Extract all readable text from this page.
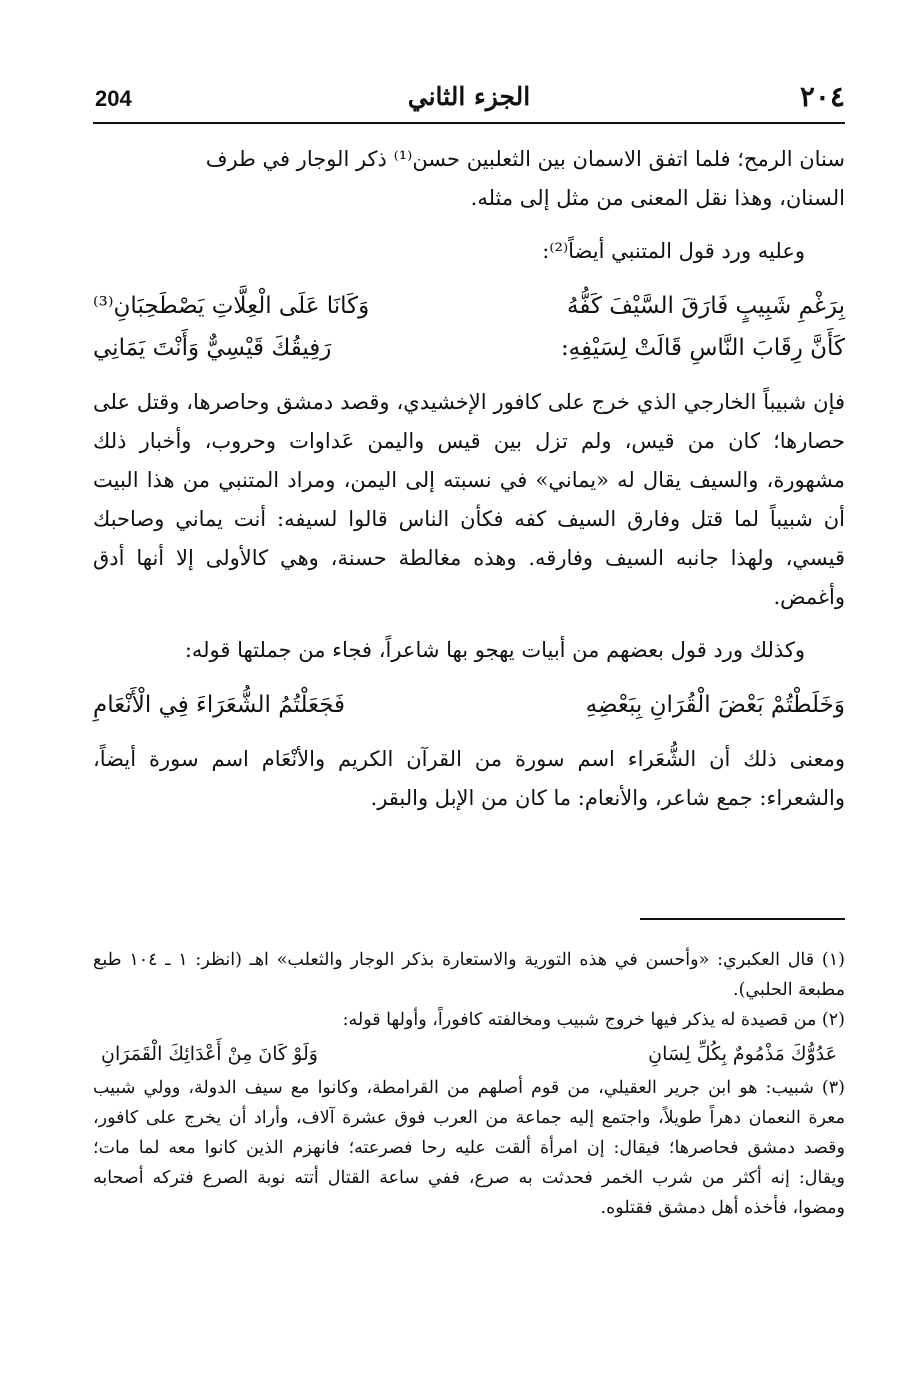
٢٠٤
الجزء الثاني
204

سنان الرمح؛ فلما اتفق الاسمان بين الثعلبين حسن⁽¹⁾ ذكر الوجار في طرف

السنان، وهذا نقل المعنى من مثل إلى مثله.

وعليه ورد قول المتنبي أيضاً⁽²⁾:

بِرَغْمِ شَبِيبٍ فَارَقَ السَّيْفَ كَفُّهُ
وَكَانَا عَلَى الْعِلَّاتِ يَصْطَحِبَانِ⁽³⁾
كَأَنَّ رِقَابَ النَّاسِ قَالَتْ لِسَيْفِهِ:
رَفِيقُكَ قَيْسِيٌّ وَأَنْتَ يَمَانِي

فإن شبيباً الخارجي الذي خرج على كافور الإخشيدي، وقصد دمشق وحاصرها، وقتل على حصارها؛ كان من قيس، ولم تزل بين قيس واليمن عَداوات وحروب، وأخبار ذلك مشهورة، والسيف يقال له «يماني» في نسبته إلى اليمن، ومراد المتنبي من هذا البيت أن شبيباً لما قتل وفارق السيف كفه فكأن الناس قالوا لسيفه: أنت يماني وصاحبك قيسي، ولهذا جانبه السيف وفارقه. وهذه مغالطة حسنة، وهي كالأولى إلا أنها أدق وأغمض.

وكذلك ورد قول بعضهم من أبيات يهجو بها شاعراً، فجاء من جملتها قوله:

وَخَلَطْتُمْ بَعْضَ الْقُرَانِ بِبَعْضِهِ
فَجَعَلْتُمُ الشُّعَرَاءَ فِي الْأَنْعَامِ

ومعنى ذلك أن الشُّعَراء اسم سورة من القرآن الكريم والأنْعَام اسم سورة أيضاً، والشعراء: جمع شاعر، والأنعام: ما كان من الإبل والبقر.

(١) قال العكبري: «وأحسن في هذه التورية والاستعارة بذكر الوجار والثعلب» اهـ (انظر: ١ ـ ١٠٤ طبع مطبعة الحلبي).

(٢) من قصيدة له يذكر فيها خروج شبيب ومخالفته كافوراً، وأولها قوله:

عَدُوُّكَ مَذْمُومٌ بِكُلِّ لِسَانِ
وَلَوْ كَانَ مِنْ أَعْدَائِكَ الْقَمَرَانِ

(٣) شبيب: هو ابن جرير العقيلي، من قوم أصلهم من القرامطة، وكانوا مع سيف الدولة، وولي شبيب معرة النعمان دهراً طويلاً، واجتمع إليه جماعة من العرب فوق عشرة آلاف، وأراد أن يخرج على كافور، وقصد دمشق فحاصرها؛ فيقال: إن امرأة ألقت عليه رحا فصرعته؛ فانهزم الذين كانوا معه لما مات؛ ويقال: إنه أكثر من شرب الخمر فحدثت به صرع، ففي ساعة القتال أتته نوبة الصرع فتركه أصحابه ومضوا، فأخذه أهل دمشق فقتلوه.
